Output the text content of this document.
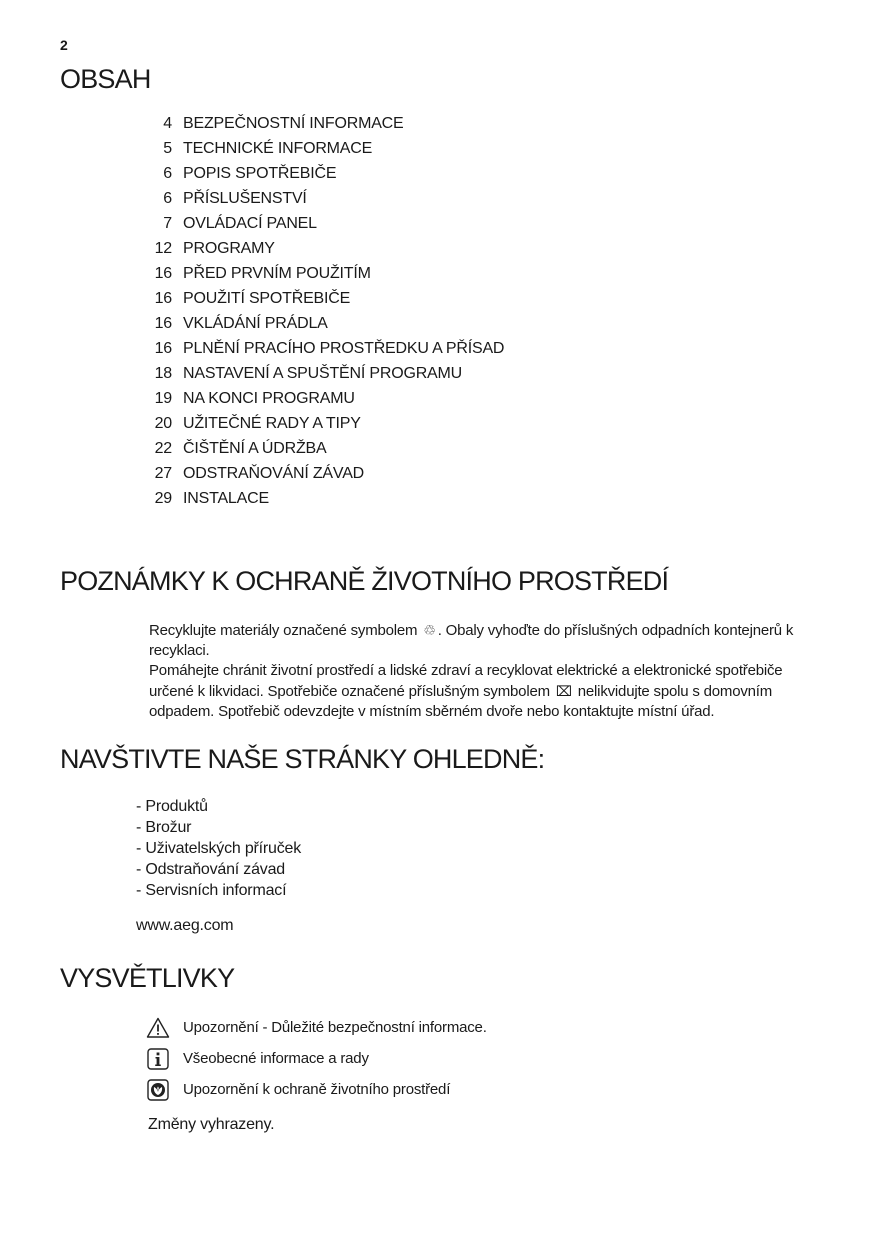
2
OBSAH
4 BEZPEČNOSTNÍ INFORMACE
5 TECHNICKÉ INFORMACE
6 POPIS SPOTŘEBIČE
6 PŘÍSLUŠENSTVÍ
7 OVLÁDACÍ PANEL
12 PROGRAMY
16 PŘED PRVNÍM POUŽITÍM
16 POUŽITÍ SPOTŘEBIČE
16 VKLÁDÁNÍ PRÁDLA
16 PLNĚNÍ PRACÍHO PROSTŘEDKU A PŘÍSAD
18 NASTAVENÍ A SPUŠTĚNÍ PROGRAMU
19 NA KONCI PROGRAMU
20 UŽITEČNÉ RADY A TIPY
22 ČIŠTĚNÍ A ÚDRŽBA
27 ODSTRAŇOVÁNÍ ZÁVAD
29 INSTALACE
POZNÁMKY K OCHRANĚ ŽIVOTNÍHO PROSTŘEDÍ

Recyklujte materiály označené symbolem ♲ . Obaly vyhoďte do příslušných odpadních kontejnerů k recyklaci.

Pomáhejte chránit životní prostředí a lidské zdraví a recyklovat elektrické a elektronické spotřebiče určené k likvidaci. Spotřebiče označené příslušným symbolem ⌧ nelikvidujte spolu s domovním odpadem. Spotřebič odevzdejte v místním sběrném dvoře nebo kontaktujte místní úřad.

NAVŠTIVTE NAŠE STRÁNKY OHLEDNĚ:
- Produktů
- Brožur
- Uživatelských příruček
- Odstraňování závad
- Servisních informací
www.aeg.com
VYSVĚTLIVKY
Upozornění - Důležité bezpečnostní informace.
Všeobecné informace a rady
Upozornění k ochraně životního prostředí
Změny vyhrazeny.
